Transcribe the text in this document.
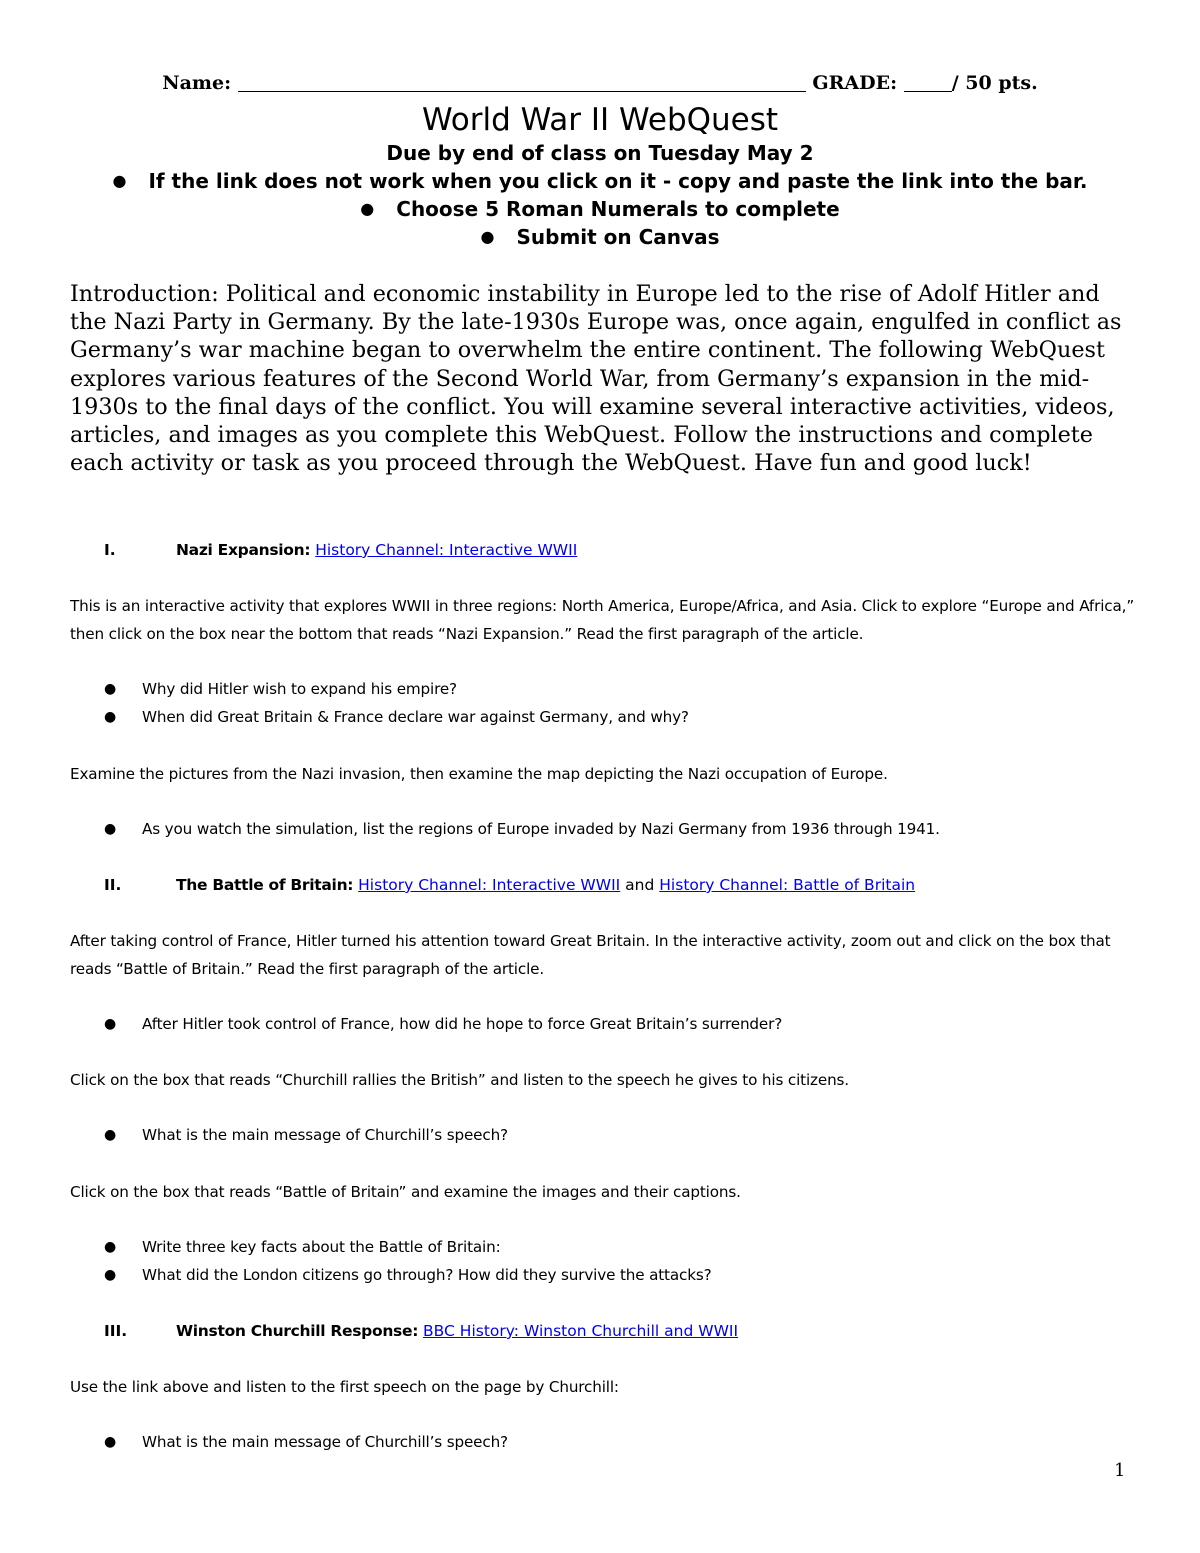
Name:	GRADE:	/ 50 pts.
World War II WebQuest
Due by end of class on Tuesday May 2
● If the link does not work when you click on it - copy and paste the link into the bar.
● Choose 5 Roman Numerals to complete
● Submit on Canvas
Introduction: Political and economic instability in Europe led to the rise of Adolf Hitler and the Nazi Party in Germany. By the late-1930s Europe was, once again, engulfed in conflict as Germany’s war machine began to overwhelm the entire continent. The following WebQuest explores various features of the Second World War, from Germany’s expansion in the mid-1930s to the final days of the conflict. You will examine several interactive activities, videos, articles, and images as you complete this WebQuest. Follow the instructions and complete each activity or task as you proceed through the WebQuest. Have fun and good luck!
I.	Nazi Expansion: History Channel: Interactive WWII
This is an interactive activity that explores WWII in three regions: North America, Europe/Africa, and Asia. Click to explore “Europe and Africa,” then click on the box near the bottom that reads “Nazi Expansion.” Read the first paragraph of the article.
● Why did Hitler wish to expand his empire?
● When did Great Britain & France declare war against Germany, and why?
Examine the pictures from the Nazi invasion, then examine the map depicting the Nazi occupation of Europe.
● As you watch the simulation, list the regions of Europe invaded by Nazi Germany from 1936 through 1941.
II.	The Battle of Britain: History Channel: Interactive WWII and History Channel: Battle of Britain
After taking control of France, Hitler turned his attention toward Great Britain. In the interactive activity, zoom out and click on the box that reads “Battle of Britain.” Read the first paragraph of the article.
● After Hitler took control of France, how did he hope to force Great Britain’s surrender?
Click on the box that reads “Churchill rallies the British” and listen to the speech he gives to his citizens.
● What is the main message of Churchill’s speech?
Click on the box that reads “Battle of Britain” and examine the images and their captions.
● Write three key facts about the Battle of Britain:
● What did the London citizens go through? How did they survive the attacks?
III.	Winston Churchill Response: BBC History: Winston Churchill and WWII
Use the link above and listen to the first speech on the page by Churchill:
● What is the main message of Churchill’s speech?
1
